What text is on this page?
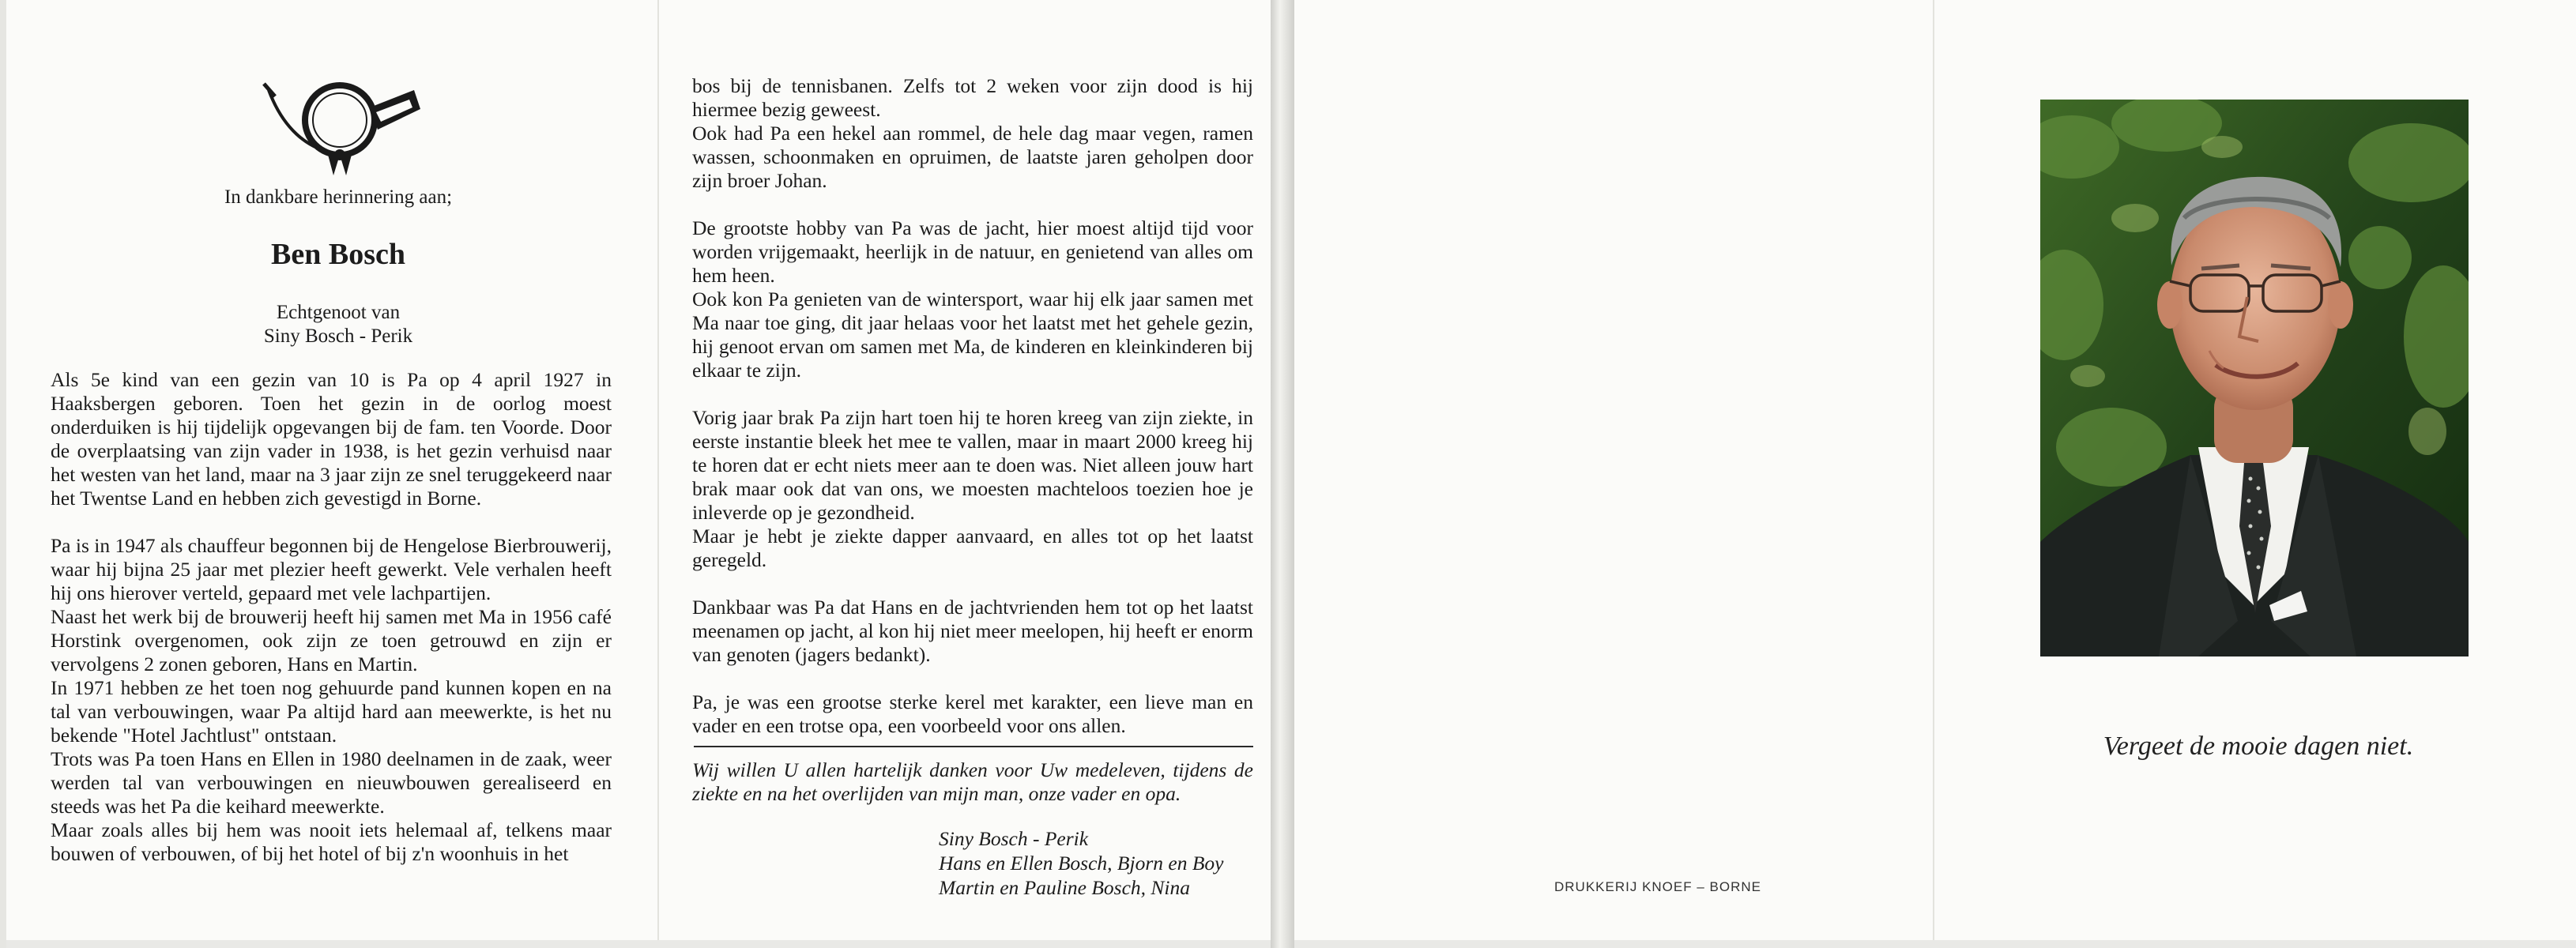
In dankbare herinnering aan;
Ben Bosch
Echtgenoot van
Siny Bosch - Perik

Als 5e kind van een gezin van 10 is Pa op 4 april 1927 in Haaksbergen geboren. Toen het gezin in de oorlog moest onderduiken is hij tijdelijk opgevangen bij de fam. ten Voorde. Door de overplaatsing van zijn vader in 1938, is het gezin verhuisd naar het westen van het land, maar na 3 jaar zijn ze snel teruggekeerd naar het Twentse Land en hebben zich gevestigd in Borne.

Pa is in 1947 als chauffeur begonnen bij de Hengelose Bierbrouwerij, waar hij bijna 25 jaar met plezier heeft gewerkt. Vele verhalen heeft hij ons hierover verteld, gepaard met vele lachpartijen.

Naast het werk bij de brouwerij heeft hij samen met Ma in 1956 café Horstink overgenomen, ook zijn ze toen getrouwd en zijn er vervolgens 2 zonen geboren, Hans en Martin.

In 1971 hebben ze het toen nog gehuurde pand kunnen kopen en na tal van verbouwingen, waar Pa altijd hard aan meewerkte, is het nu bekende "Hotel Jachtlust" ontstaan.

Trots was Pa toen Hans en Ellen in 1980 deelnamen in de zaak, weer werden tal van verbouwingen en nieuwbouwen gerealiseerd en steeds was het Pa die keihard meewerkte.

Maar zoals alles bij hem was nooit iets helemaal af, telkens maar bouwen of verbouwen, of bij het hotel of bij z'n woonhuis in het

bos bij de tennisbanen. Zelfs tot 2 weken voor zijn dood is hij hiermee bezig geweest.

Ook had Pa een hekel aan rommel, de hele dag maar vegen, ramen wassen, schoonmaken en opruimen, de laatste jaren geholpen door zijn broer Johan.

De grootste hobby van Pa was de jacht, hier moest altijd tijd voor worden vrijgemaakt, heerlijk in de natuur, en genietend van alles om hem heen.

Ook kon Pa genieten van de wintersport, waar hij elk jaar samen met Ma naar toe ging, dit jaar helaas voor het laatst met het gehele gezin, hij genoot ervan om samen met Ma, de kinderen en kleinkinderen bij elkaar te zijn.

Vorig jaar brak Pa zijn hart toen hij te horen kreeg van zijn ziekte, in eerste instantie bleek het mee te vallen, maar in maart 2000 kreeg hij te horen dat er echt niets meer aan te doen was. Niet alleen jouw hart brak maar ook dat van ons, we moesten machteloos toezien hoe je inleverde op je gezondheid.

Maar je hebt je ziekte dapper aanvaard, en alles tot op het laatst geregeld.

Dankbaar was Pa dat Hans en de jachtvrienden hem tot op het laatst meenamen op jacht, al kon hij niet meer meelopen, hij heeft er enorm van genoten (jagers bedankt).

Pa, je was een grootse sterke kerel met karakter, een lieve man en vader en een trotse opa, een voorbeeld voor ons allen.

Wij willen U allen hartelijk danken voor Uw medeleven, tijdens de ziekte en na het overlijden van mijn man, onze vader en opa.
Siny Bosch - Perik
Hans en Ellen Bosch, Bjorn en Boy
Martin en Pauline Bosch, Nina
Vergeet de mooie dagen niet.
DRUKKERIJ KNOEF – BORNE
